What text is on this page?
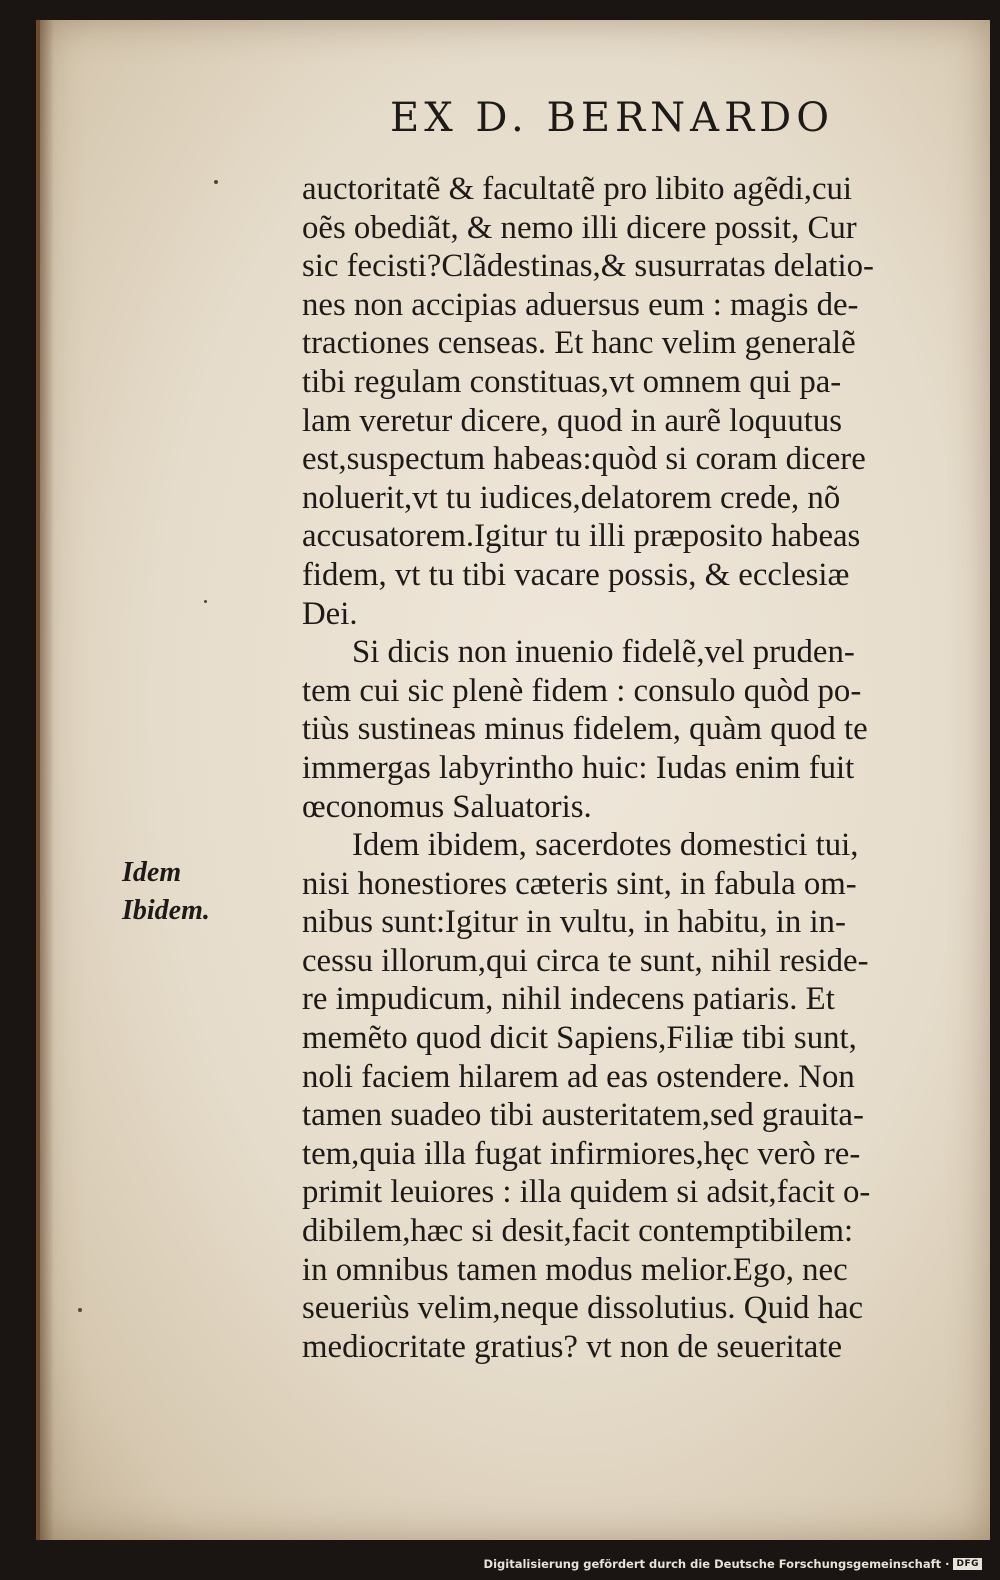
EX D. BERNARDO
auctoritatẽ & facultatẽ pro libito agẽdi,cui
oẽs obediãt, & nemo illi dicere possit, Cur
sic fecisti?Clãdestinas,& susurratas delatio-
nes non accipias aduersus eum : magis de-
tractiones censeas. Et hanc velim generalẽ
tibi regulam constituas,vt omnem qui pa-
lam veretur dicere, quod in aurẽ loquutus
est,suspectum habeas:quòd si coram dicere
noluerit,vt tu iudices,delatorem crede, nõ
accusatorem.Igitur tu illi præposito habeas
fidem, vt tu tibi vacare possis, & ecclesiæ
Dei.
Si dicis non inuenio fidelẽ,vel pruden-
tem cui sic plenè fidem : consulo quòd po-
tiùs sustineas minus fidelem, quàm quod te
immergas labyrintho huic: Iudas enim fuit
œconomus Saluatoris.
Idem ibidem, sacerdotes domestici tui,
nisi honestiores cæteris sint, in fabula om-
nibus sunt:Igitur in vultu, in habitu, in in-
cessu illorum,qui circa te sunt, nihil reside-
re impudicum, nihil indecens patiaris. Et
memẽto quod dicit Sapiens,Filiæ tibi sunt,
noli faciem hilarem ad eas ostendere. Non
tamen suadeo tibi austeritatem,sed grauita-
tem,quia illa fugat infirmiores,hęc verò re-
primit leuiores : illa quidem si adsit,facit o-
dibilem,hæc si desit,facit contemptibilem:
in omnibus tamen modus melior.Ego, nec
seueriùs velim,neque dissolutius. Quid hac
mediocritate gratius? vt non de seueritate
Idem
Ibidem.
Digitalisierung gefördert durch die Deutsche Forschungsgemeinschaft · DFG
